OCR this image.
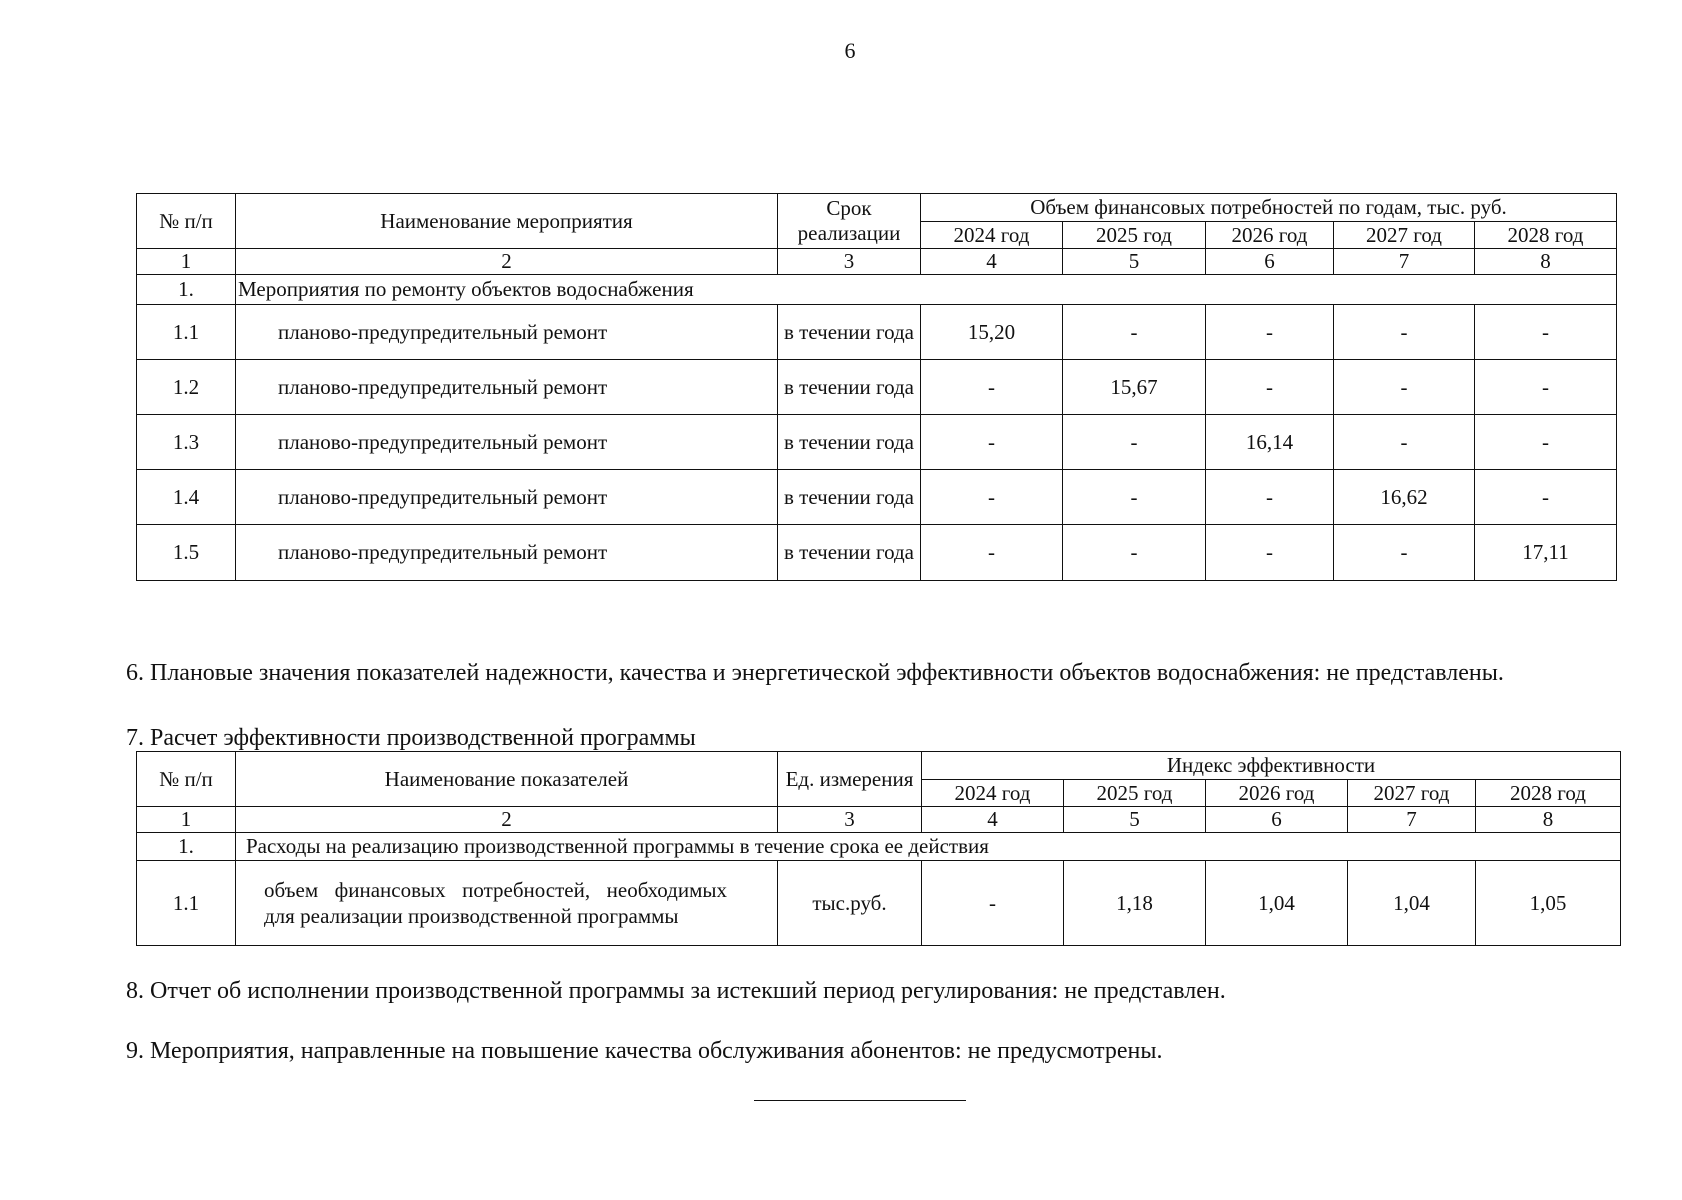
6
№ п/п	Наименование мероприятия	Срок реализации	Объем финансовых потребностей по годам, тыс. руб.				
			2024 год	2025 год	2026 год	2027 год	2028 год
1	2	3	4	5	6	7	8
1.	Мероприятия по ремонту объектов водоснабжения						
1.1	планово-предупредительный ремонт	в течении года	15,20	-	-	-	-
1.2	планово-предупредительный ремонт	в течении года	-	15,67	-	-	-
1.3	планово-предупредительный ремонт	в течении года	-	-	16,14	-	-
1.4	планово-предупредительный ремонт	в течении года	-	-	-	16,62	-
1.5	планово-предупредительный ремонт	в течении года	-	-	-	-	17,11

6. Плановые значения показателей надежности, качества и энергетической эффективности объектов водоснабжения: не представлены.

7. Расчет эффективности производственной программы

№ п/п	Наименование показателей	Ед. измерения	Индекс эффективности				
			2024 год	2025 год	2026 год	2027 год	2028 год
1	2	3	4	5	6	7	8
1.	Расходы на реализацию производственной программы в течение срока ее действия						
1.1	объем финансовых потребностей, необходимых для реализации производственной программы	тыс.руб.	-	1,18	1,04	1,04	1,05

8. Отчет об исполнении производственной программы за истекший период регулирования: не представлен.

9. Мероприятия, направленные на повышение качества обслуживания абонентов: не предусмотрены.
